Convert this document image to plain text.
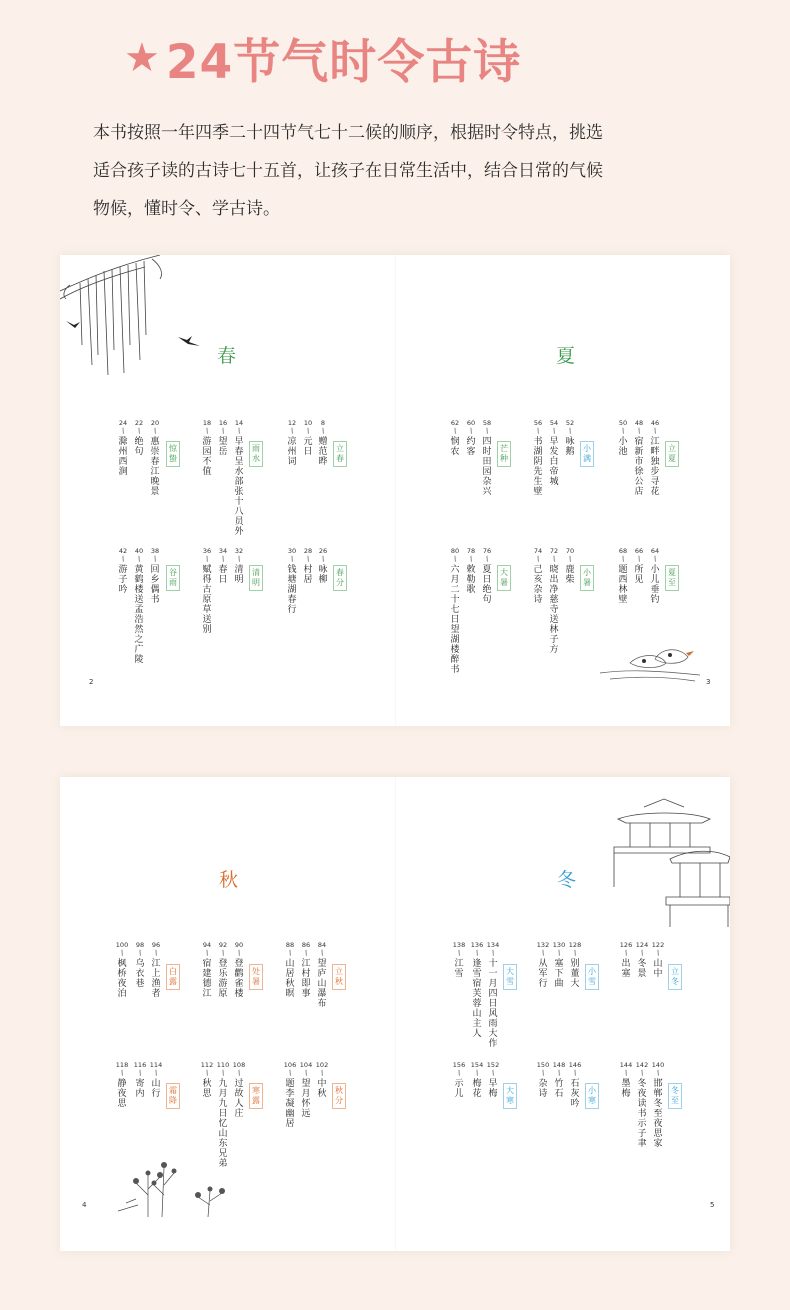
★ 24节气时令古诗
本书按照一年四季二十四节气七十二候的顺序，根据时令特点，挑选
适合孩子读的古诗七十五首，让孩子在日常生活中，结合日常的气候
物候，懂时令、学古诗。
春	夏
立春
8
/
赠范晔
10
/
元日
12
/
凉州词
雨水
14
/
早春呈水部张十八员外
16
/
望岳
18
/
游园不值
惊蛰
20
/
惠崇春江晚景
22
/
绝句
24
/
滁州西涧
春分
26
/
咏柳
28
/
村居
30
/
钱塘湖春行
清明
32
/
清明
34
/
春日
36
/
赋得古原草送别
谷雨
38
/
回乡偶书
40
/
黄鹤楼送孟浩然之广陵
42
/
游子吟
立夏
46
/
江畔独步寻花
48
/
宿新市徐公店
50
/
小池
小满
52
/
咏鹅
54
/
早发白帝城
56
/
书湖阴先生壁
芒种
58
/
四时田园杂兴
60
/
约客
62
/
悯农
夏至
64
/
小儿垂钓
66
/
所见
68
/
题西林壁
小暑
70
/
鹿柴
72
/
晓出净慈寺送林子方
74
/
己亥杂诗
大暑
76
/
夏日绝句
78
/
敕勒歌
80
/
六月二十七日望湖楼醉书
2	3
秋	冬
立秋
84
/
望庐山瀑布
86
/
江村即事
88
/
山居秋暝
处暑
90
/
登鹳雀楼
92
/
登乐游原
94
/
宿建德江
白露
96
/
江上渔者
98
/
乌衣巷
100
/
枫桥夜泊
秋分
102
/
中秋
104
/
望月怀远
106
/
题李凝幽居
寒露
108
/
过故人庄
110
/
九月九日忆山东兄弟
112
/
秋思
霜降
114
/
山行
116
/
寄内
118
/
静夜思
立冬
122
/
山中
124
/
冬景
126
/
出塞
小雪
128
/
别董大
130
/
塞下曲
132
/
从军行
大雪
134
/
十一月四日风雨大作
136
/
逢雪宿芙蓉山主人
138
/
江雪
冬至
140
/
邯郸冬至夜思家
142
/
冬夜读书示子聿
144
/
墨梅
小寒
146
/
石灰吟
148
/
竹石
150
/
杂诗
大寒
152
/
早梅
154
/
梅花
156
/
示儿
4	5
